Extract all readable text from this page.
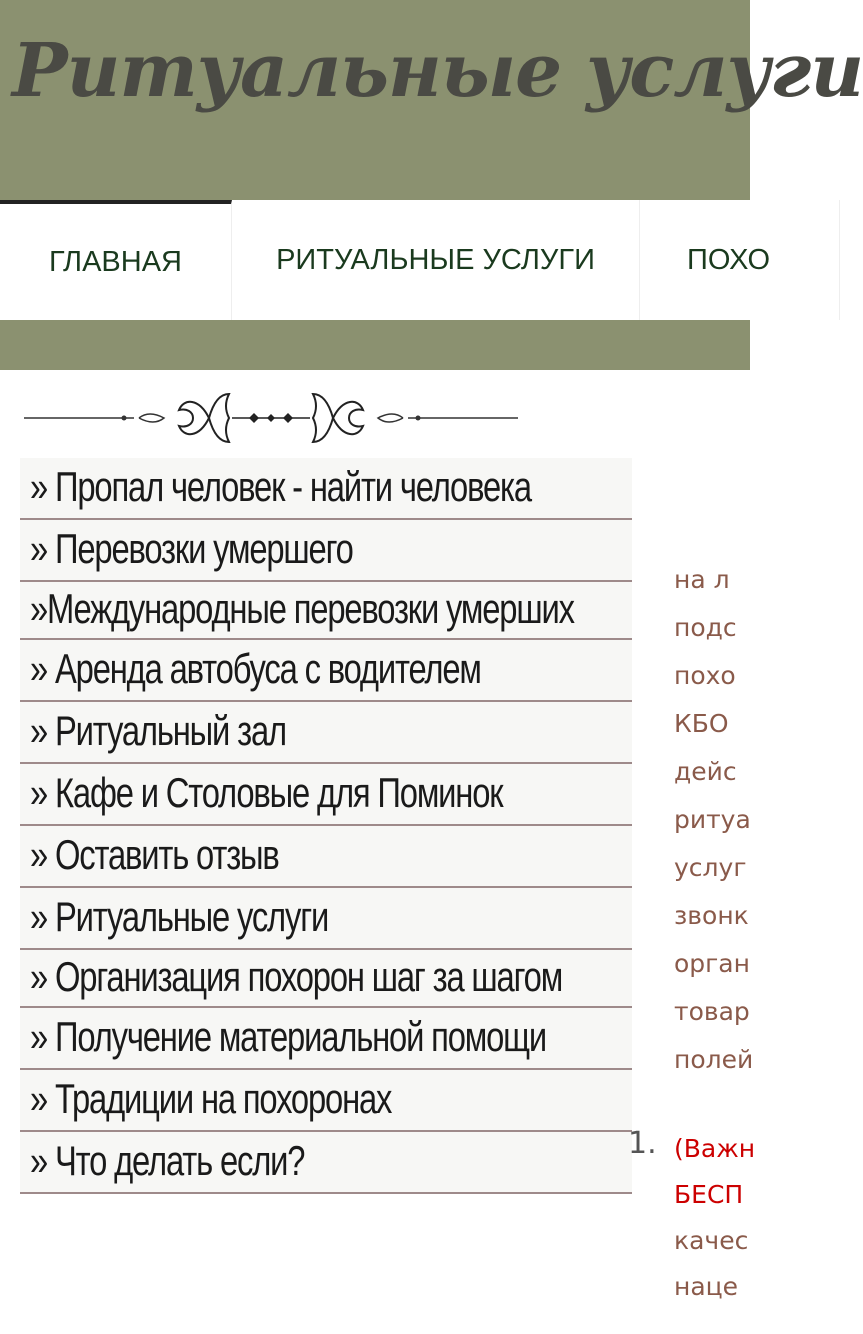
Ритуальные услуги
ГЛАВНАЯ	РИТУАЛЬНЫЕ УСЛУГИ	ПОХО
» Пропал человек - найти человека
» Перевозки умершего
»Международные перевозки умерших
» Аренда автобуса с водителем
» Ритуальный зал
» Кафе и Столовые для Поминок
» Оставить отзыв
» Ритуальные услуги
» Организация похорон шаг за шагом
» Получение материальной помощи
» Традиции на похоронах
» Что делать если?
на л
подс
похо
КБО
дейс
ритуа
услуг
звонк
орган
товар
полей
1. (Важн
БЕСП
качес
наце
